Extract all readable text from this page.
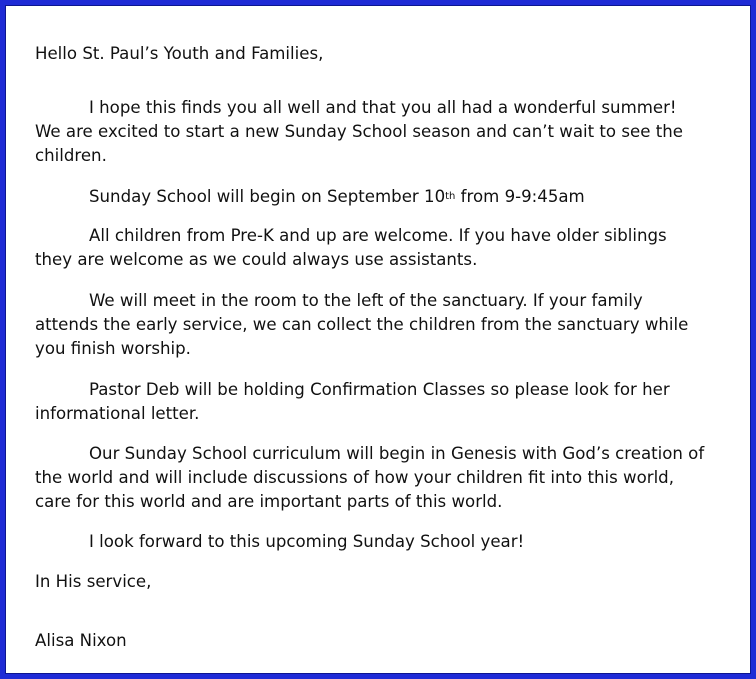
Hello St. Paul’s Youth and Families,
I hope this finds you all well and that you all had a wonderful summer!
We are excited to start a new Sunday School season and can’t wait to see the
children.
Sunday School will begin on September 10th from 9-9:45am
All children from Pre-K and up are welcome. If you have older siblings
they are welcome as we could always use assistants.
We will meet in the room to the left of the sanctuary. If your family
attends the early service, we can collect the children from the sanctuary while
you finish worship.
Pastor Deb will be holding Confirmation Classes so please look for her
informational letter.
Our Sunday School curriculum will begin in Genesis with God’s creation of
the world and will include discussions of how your children fit into this world,
care for this world and are important parts of this world.
I look forward to this upcoming Sunday School year!
In His service,
Alisa Nixon
